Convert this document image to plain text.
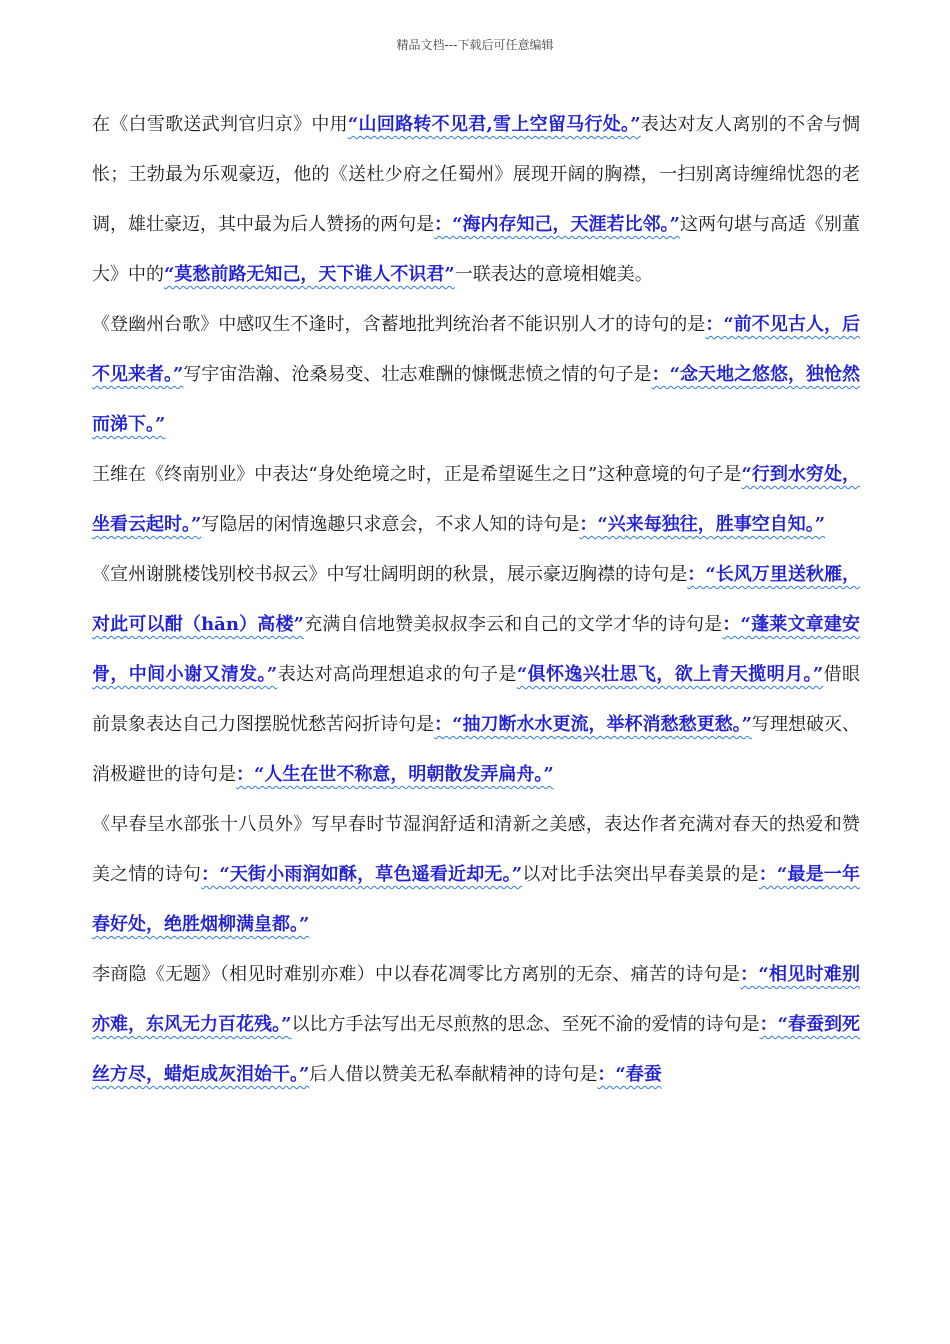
精品文档---下载后可任意编辑

在《白雪歌送武判官归京》中用“山回路转不见君,雪上空留马行处。”表达对友人离别的不舍与惆怅；王勃最为乐观豪迈，他的《送杜少府之任蜀州》展现开阔的胸襟，一扫别离诗缠绵忧怨的老调，雄壮豪迈，其中最为后人赞扬的两句是：“海内存知己，天涯若比邻。”这两句堪与高适《别董大》中的“莫愁前路无知己，天下谁人不识君”一联表达的意境相媲美。

《登幽州台歌》中感叹生不逢时，含蓄地批判统治者不能识别人才的诗句的是：“前不见古人，后不见来者。”写宇宙浩瀚、沧桑易变、壮志难酬的慷慨悲愤之情的句子是：“念天地之悠悠，独怆然而涕下。”

王维在《终南别业》中表达“身处绝境之时，正是希望诞生之日”这种意境的句子是“行到水穷处，坐看云起时。”写隐居的闲情逸趣只求意会，不求人知的诗句是：“兴来每独往，胜事空自知。”

《宣州谢朓楼饯别校书叔云》中写壮阔明朗的秋景，展示豪迈胸襟的诗句是：“长风万里送秋雁，对此可以酣（hān）高楼”充满自信地赞美叔叔李云和自己的文学才华的诗句是：“蓬莱文章建安骨，中间小谢又清发。”表达对高尚理想追求的句子是“俱怀逸兴壮思飞，欲上青天揽明月。”借眼前景象表达自己力图摆脱忧愁苦闷折诗句是：“抽刀断水水更流，举杯消愁愁更愁。”写理想破灭、消极避世的诗句是：“人生在世不称意，明朝散发弄扁舟。”

《早春呈水部张十八员外》写早春时节湿润舒适和清新之美感，表达作者充满对春天的热爱和赞美之情的诗句：“天街小雨润如酥，草色遥看近却无。”以对比手法突出早春美景的是：“最是一年春好处，绝胜烟柳满皇都。”

李商隐《无题》（相见时难别亦难）中以春花凋零比方离别的无奈、痛苦的诗句是：“相见时难别亦难，东风无力百花残。”以比方手法写出无尽煎熬的思念、至死不渝的爱情的诗句是：“春蚕到死丝方尽，蜡炬成灰泪始干。”后人借以赞美无私奉献精神的诗句是：“春蚕
